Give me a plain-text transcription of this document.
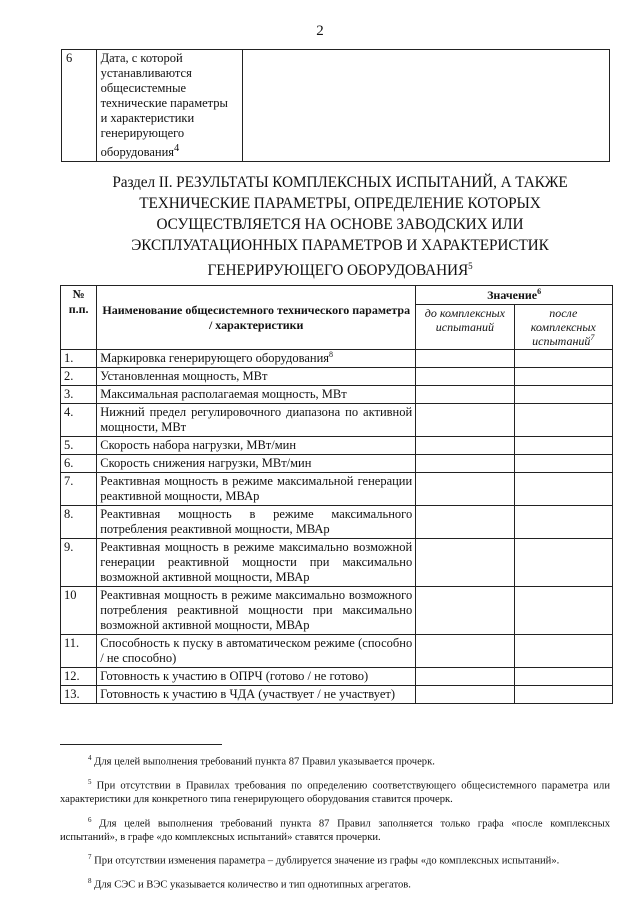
2
6	Дата, с которой устанавливаются общесистемные технические параметры и характеристики генерирующего оборудования$^4$	
Раздел II. РЕЗУЛЬТАТЫ КОМПЛЕКСНЫХ ИСПЫТАНИЙ, А ТАКЖЕ ТЕХНИЧЕСКИЕ ПАРАМЕТРЫ, ОПРЕДЕЛЕНИЕ КОТОРЫХ ОСУЩЕСТВЛЯЕТСЯ НА ОСНОВЕ ЗАВОДСКИХ ИЛИ ЭКСПЛУАТАЦИОННЫХ ПАРАМЕТРОВ И ХАРАКТЕРИСТИК ГЕНЕРИРУЮЩЕГО ОБОРУДОВАНИЯ$^5$
№ п.п.	Наименование общесистемного технического параметра / характеристики	Значение$^6$
		до комплексных испытаний	после комплексных испытаний$^7$
1.	Маркировка генерирующего оборудования$^8$		
2.	Установленная мощность, МВт		
3.	Максимальная располагаемая мощность, МВт		
4.	Нижний предел регулировочного диапазона по активной мощности, МВт		
5.	Скорость набора нагрузки, МВт/мин		
6.	Скорость снижения нагрузки, МВт/мин		
7.	Реактивная мощность в режиме максимальной генерации реактивной мощности, МВАр		
8.	Реактивная мощность в режиме максимального потребления реактивной мощности, МВАр		
9.	Реактивная мощность в режиме максимально возможной генерации реактивной мощности при максимально возможной активной мощности, МВАр		
10	Реактивная мощность в режиме максимально возможного потребления реактивной мощности при максимально возможной активной мощности, МВАр		
11.	Способность к пуску в автоматическом режиме (способно / не способно)		
12.	Готовность к участию в ОПРЧ (готово / не готово)		
13.	Готовность к участию в ЧДА (участвует / не участвует)		

$^4$ Для целей выполнения требований пункта 87 Правил указывается прочерк.

$^5$ При отсутствии в Правилах требования по определению соответствующего общесистемного параметра или характеристики для конкретного типа генерирующего оборудования ставится прочерк.

$^6$ Для целей выполнения требований пункта 87 Правил заполняется только графа «после комплексных испытаний», в графе «до комплексных испытаний» ставятся прочерки.

$^7$ При отсутствии изменения параметра – дублируется значение из графы «до комплексных испытаний».

$^8$ Для СЭС и ВЭС указывается количество и тип однотипных агрегатов.
